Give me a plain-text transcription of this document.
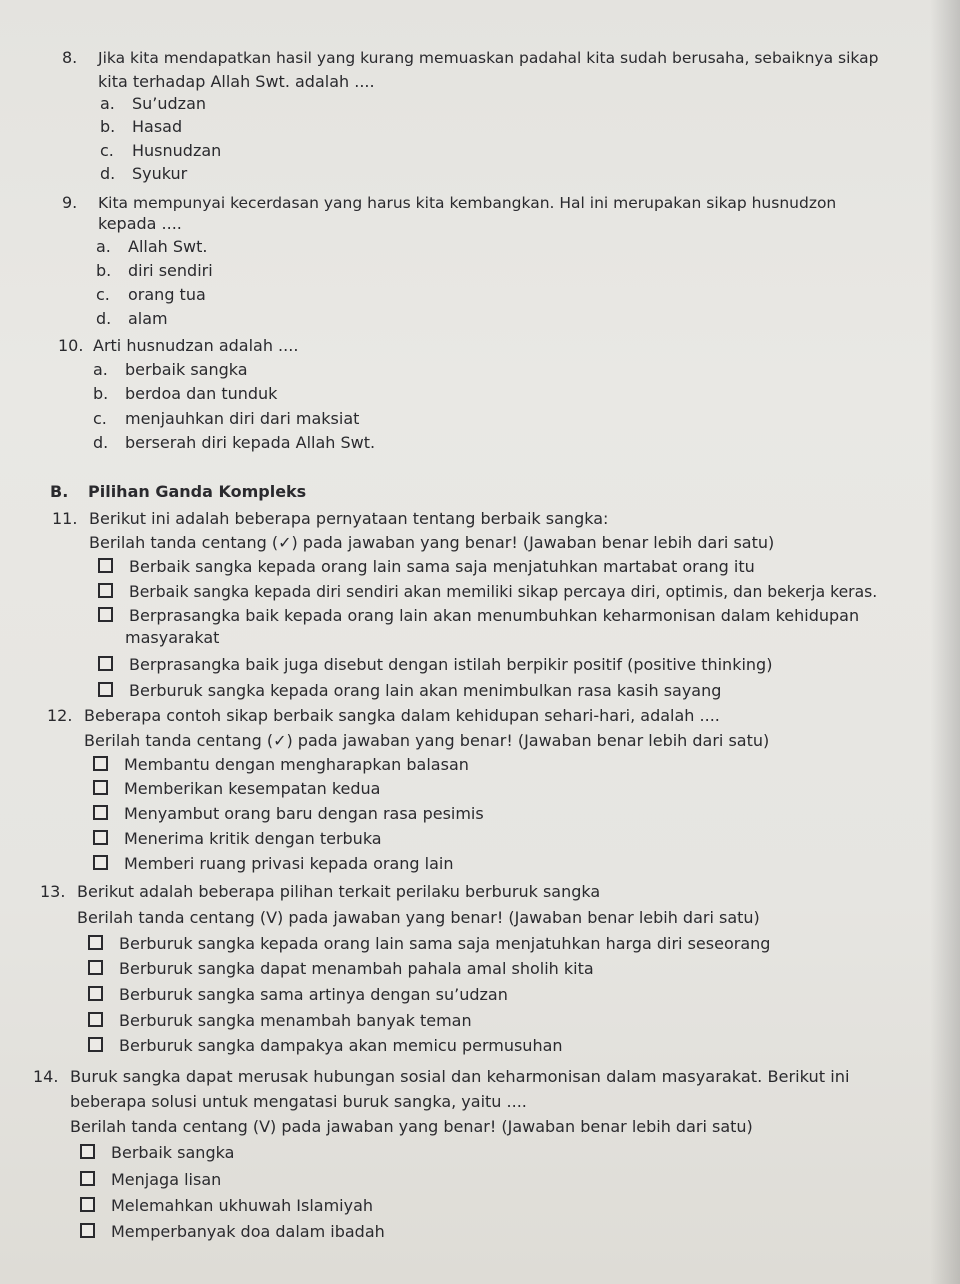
8. Jika kita mendapatkan hasil yang kurang memuaskan padahal kita sudah berusaha, sebaiknya sikap
kita terhadap Allah Swt. adalah ....
a. Su’udzan
b. Hasad
c. Husnudzan
d. Syukur
9. Kita mempunyai kecerdasan yang harus kita kembangkan. Hal ini merupakan sikap husnudzon
kepada ....
a. Allah Swt.
b. diri sendiri
c. orang tua
d. alam
10. Arti husnudzan adalah ....
a. berbaik sangka
b. berdoa dan tunduk
c. menjauhkan diri dari maksiat
d. berserah diri kepada Allah Swt.
B. Pilihan Ganda Kompleks
11. Berikut ini adalah beberapa pernyataan tentang berbaik sangka:
Berilah tanda centang (✓) pada jawaban yang benar! (Jawaban benar lebih dari satu)
Berbaik sangka kepada orang lain sama saja menjatuhkan martabat orang itu
Berbaik sangka kepada diri sendiri akan memiliki sikap percaya diri, optimis, dan bekerja keras.
Berprasangka baik kepada orang lain akan menumbuhkan keharmonisan dalam kehidupan
masyarakat
Berprasangka baik juga disebut dengan istilah berpikir positif (positive thinking)
Berburuk sangka kepada orang lain akan menimbulkan rasa kasih sayang
12. Beberapa contoh sikap berbaik sangka dalam kehidupan sehari-hari, adalah ....
Berilah tanda centang (✓) pada jawaban yang benar! (Jawaban benar lebih dari satu)
Membantu dengan mengharapkan balasan
Memberikan kesempatan kedua
Menyambut orang baru dengan rasa pesimis
Menerima kritik dengan terbuka
Memberi ruang privasi kepada orang lain
13. Berikut adalah beberapa pilihan terkait perilaku berburuk sangka
Berilah tanda centang (V) pada jawaban yang benar! (Jawaban benar lebih dari satu)
Berburuk sangka kepada orang lain sama saja menjatuhkan harga diri seseorang
Berburuk sangka dapat menambah pahala amal sholih kita
Berburuk sangka sama artinya dengan su’udzan
Berburuk sangka menambah banyak teman
Berburuk sangka dampakya akan memicu permusuhan
14. Buruk sangka dapat merusak hubungan sosial dan keharmonisan dalam masyarakat. Berikut ini
beberapa solusi untuk mengatasi buruk sangka, yaitu ....
Berilah tanda centang (V) pada jawaban yang benar! (Jawaban benar lebih dari satu)
Berbaik sangka
Menjaga lisan
Melemahkan ukhuwah Islamiyah
Memperbanyak doa dalam ibadah
